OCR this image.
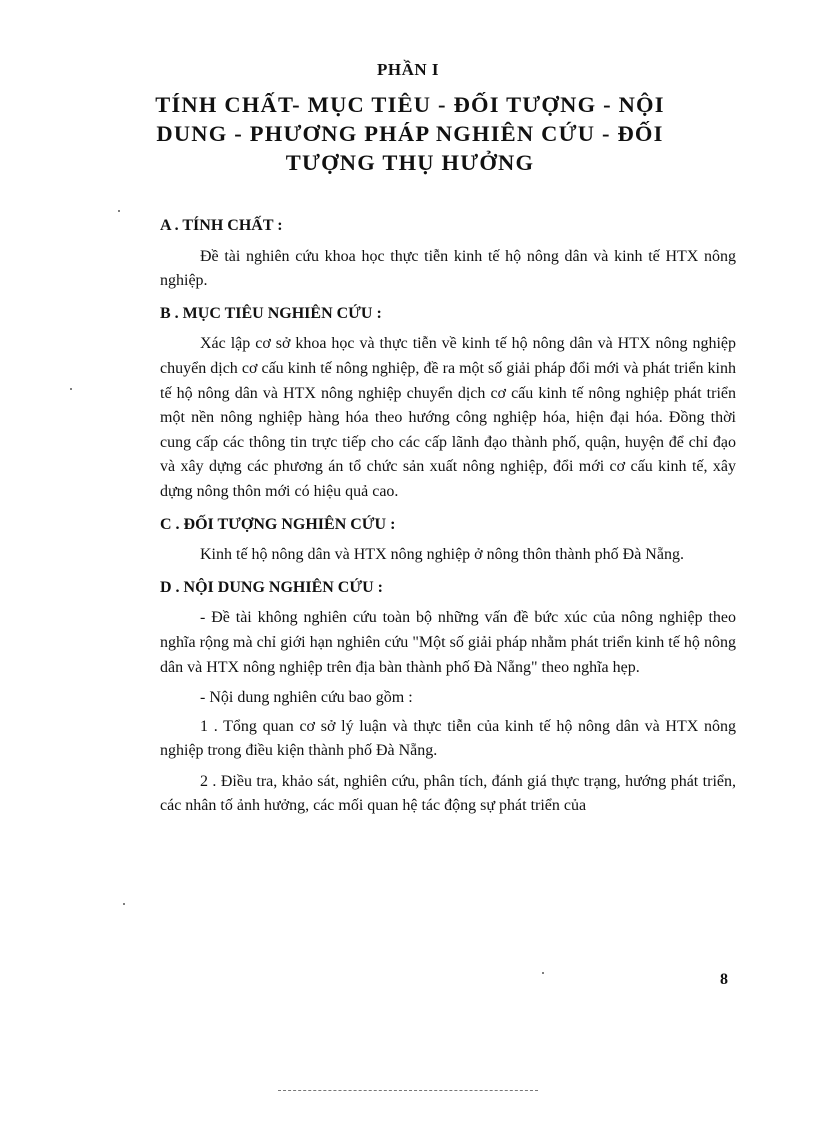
PHẦN I
TÍNH CHẤT- MỤC TIÊU - ĐỐI TƯỢNG - NỘI
DUNG - PHƯƠNG PHÁP NGHIÊN CỨU - ĐỐI
TƯỢNG THỤ HƯỞNG
A . TÍNH CHẤT :

Đề tài nghiên cứu khoa học thực tiễn kinh tế hộ nông dân và kinh tế HTX nông nghiệp.

B . MỤC TIÊU NGHIÊN CỨU :

Xác lập cơ sở khoa học và thực tiễn về kinh tế hộ nông dân và HTX nông nghiệp chuyển dịch cơ cấu kinh tế nông nghiệp, đề ra một số giải pháp đổi mới và phát triển kinh tế hộ nông dân và HTX nông nghiệp chuyển dịch cơ cấu kinh tế nông nghiệp phát triển một nền nông nghiệp hàng hóa theo hướng công nghiệp hóa, hiện đại hóa. Đồng thời cung cấp các thông tin trực tiếp cho các cấp lãnh đạo thành phố, quận, huyện để chỉ đạo và xây dựng các phương án tổ chức sản xuất nông nghiệp, đổi mới cơ cấu kinh tế, xây dựng nông thôn mới có hiệu quả cao.

C . ĐỐI TƯỢNG NGHIÊN CỨU :

Kinh tế hộ nông dân và HTX nông nghiệp ở nông thôn thành phố Đà Nẵng.

D . NỘI DUNG NGHIÊN CỨU :

- Đề tài không nghiên cứu toàn bộ những vấn đề bức xúc của nông nghiệp theo nghĩa rộng mà chỉ giới hạn nghiên cứu "Một số giải pháp nhằm phát triển kinh tế hộ nông dân và HTX nông nghiệp trên địa bàn thành phố Đà Nẵng" theo nghĩa hẹp.

- Nội dung nghiên cứu bao gồm :

1 . Tổng quan cơ sở lý luận và thực tiễn của kinh tế hộ nông dân và HTX nông nghiệp trong điều kiện thành phố Đà Nẵng.

2 . Điều tra, khảo sát, nghiên cứu, phân tích, đánh giá thực trạng, hướng phát triển, các nhân tố ảnh hưởng, các mối quan hệ tác động sự phát triển của

8
